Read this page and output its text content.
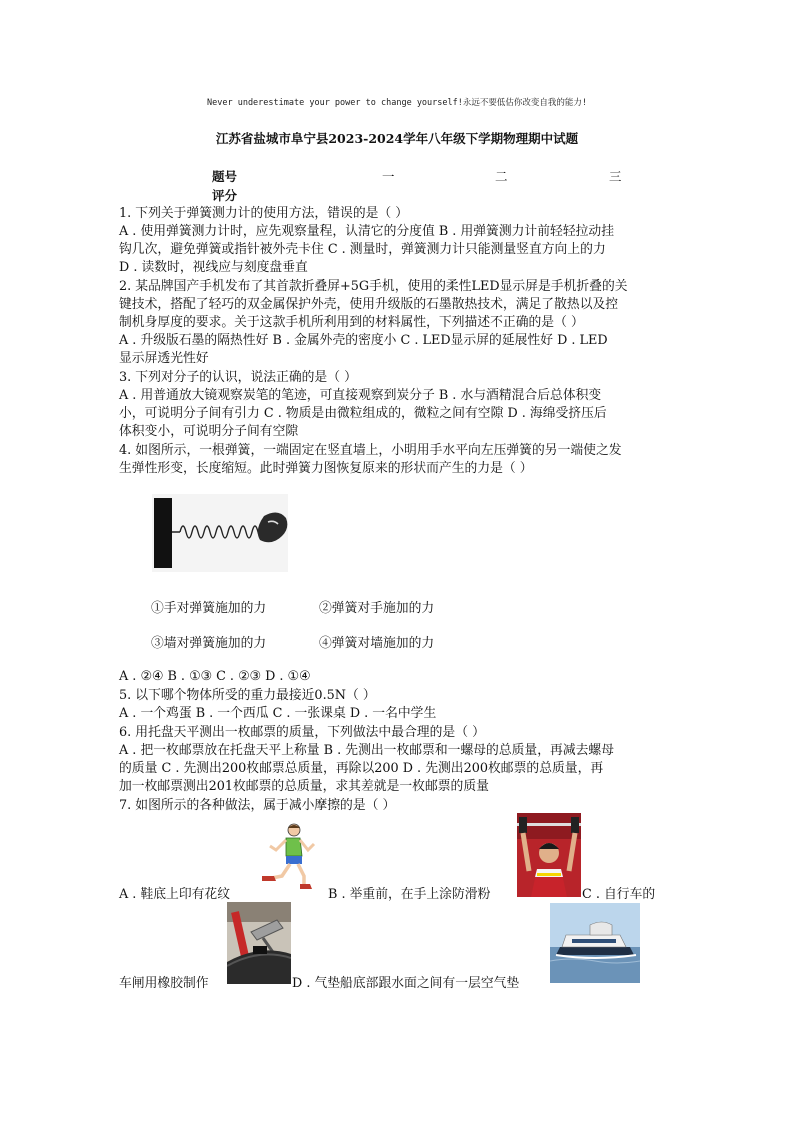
Never underestimate your power to change yourself!永远不要低估你改变自我的能力!
江苏省盐城市阜宁县2023-2024学年八年级下学期物理期中试题
题号	一	二	三
评分
1. 下列关于弹簧测力计的使用方法，错误的是（ ）
A . 使用弹簧测力计时，应先观察量程，认清它的分度值 B . 用弹簧测力计前轻轻拉动挂
钩几次，避免弹簧或指针被外壳卡住 C . 测量时，弹簧测力计只能测量竖直方向上的力
D . 读数时，视线应与刻度盘垂直
2. 某品牌国产手机发布了其首款折叠屏+5G手机，使用的柔性LED显示屏是手机折叠的关
键技术，搭配了轻巧的双金属保护外壳，使用升级版的石墨散热技术，满足了散热以及控
制机身厚度的要求。关于这款手机所利用到的材料属性，下列描述不正确的是（ ）
A . 升级版石墨的隔热性好 B . 金属外壳的密度小 C . LED显示屏的延展性好 D . LED
显示屏透光性好
3. 下列对分子的认识，说法正确的是（ ）
A . 用普通放大镜观察炭笔的笔迹，可直接观察到炭分子 B . 水与酒精混合后总体积变
小，可说明分子间有引力 C . 物质是由微粒组成的，微粒之间有空隙 D . 海绵受挤压后
体积变小，可说明分子间有空隙
4. 如图所示，一根弹簧，一端固定在竖直墙上，小明用手水平向左压弹簧的另一端使之发
生弹性形变，长度缩短。此时弹簧力图恢复原来的形状而产生的力是（ ）
①手对弹簧施加的力	②弹簧对手施加的力
③墙对弹簧施加的力	④弹簧对墙施加的力
A . ②④ B . ①③ C . ②③ D . ①④
5. 以下哪个物体所受的重力最接近0.5N（ ）
A . 一个鸡蛋 B . 一个西瓜 C . 一张课桌 D . 一名中学生
6. 用托盘天平测出一枚邮票的质量，下列做法中最合理的是（ ）
A . 把一枚邮票放在托盘天平上称量 B . 先测出一枚邮票和一螺母的总质量，再减去螺母
的质量 C . 先测出200枚邮票总质量，再除以200 D . 先测出200枚邮票的总质量，再
加一枚邮票测出201枚邮票的总质量，求其差就是一枚邮票的质量
7. 如图所示的各种做法，属于减小摩擦的是（ ）
A . 鞋底上印有花纹	B . 举重前，在手上涂防滑粉	C . 自行车的
车闸用橡胶制作	D . 气垫船底部跟水面之间有一层空气垫
